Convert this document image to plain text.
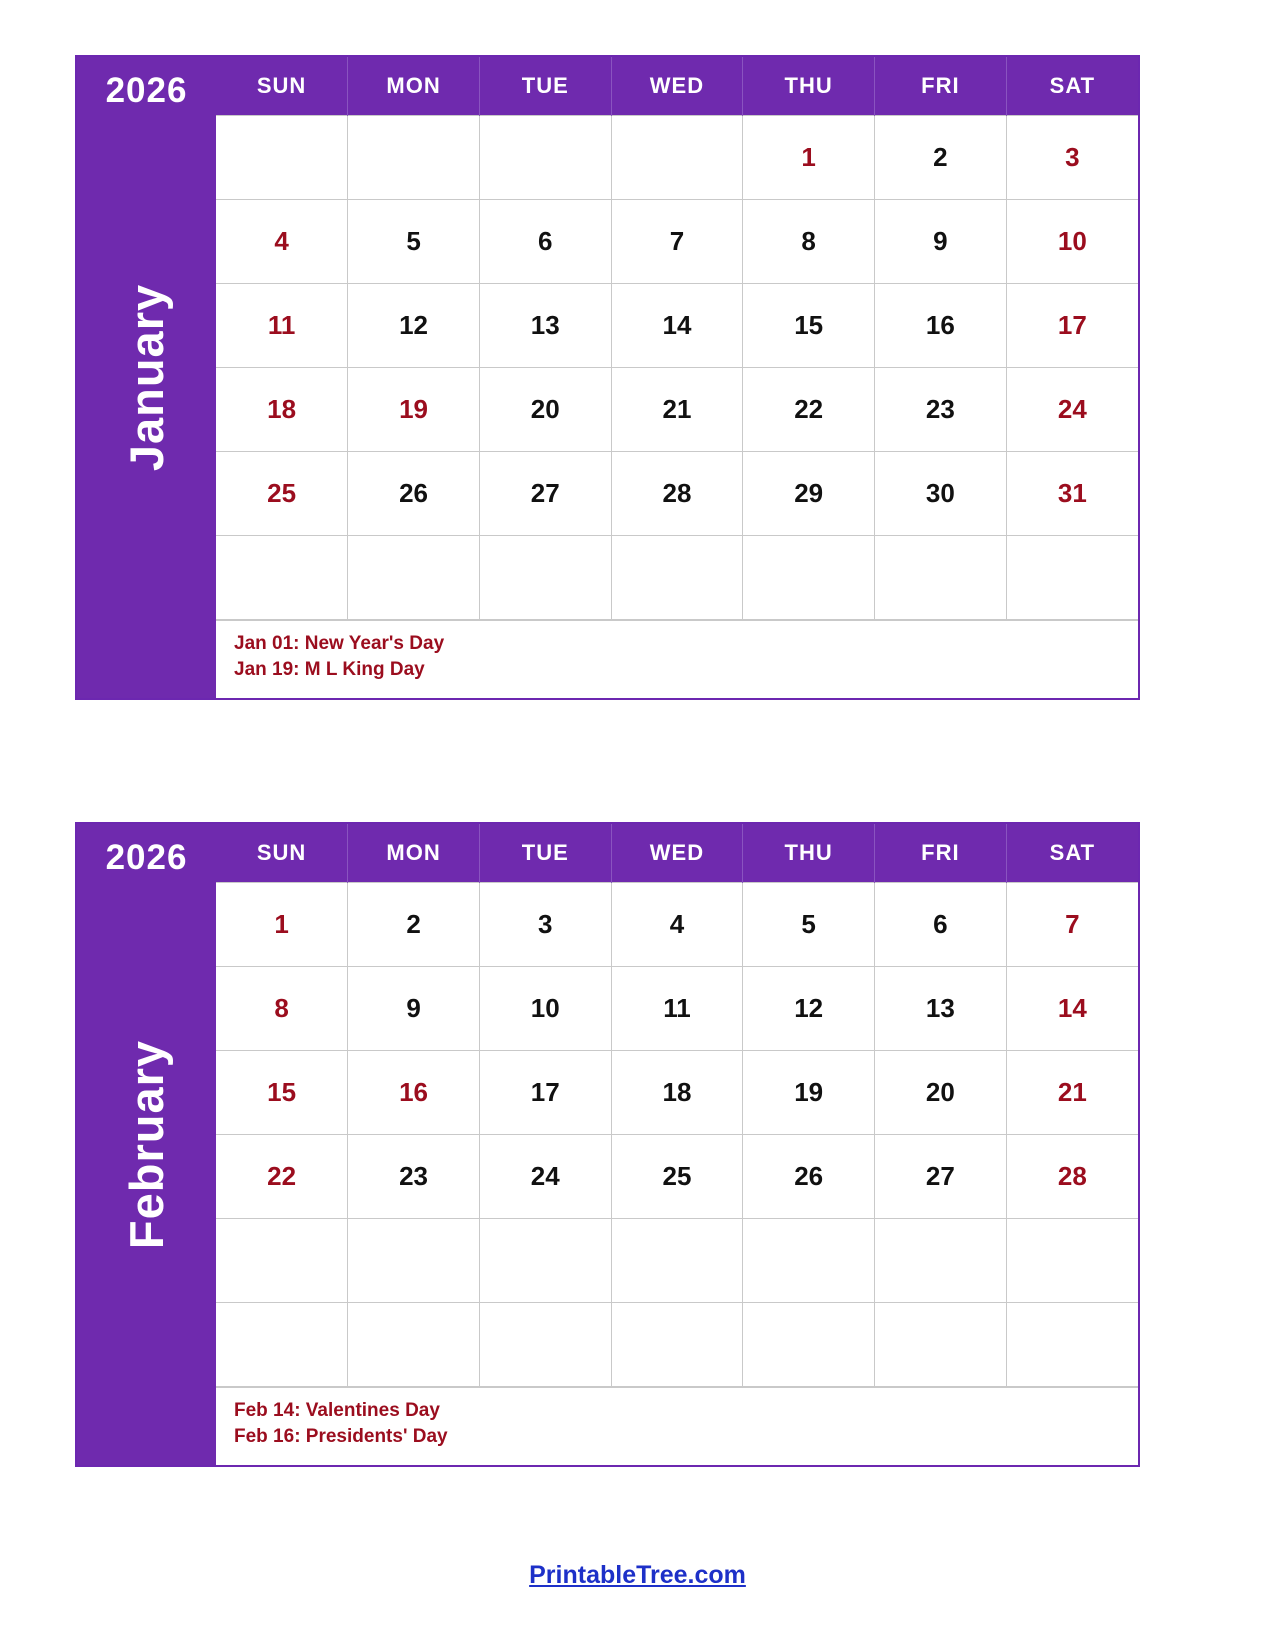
2026
January
SUN	MON	TUE	WED	THU	FRI	SAT
				1	2	3
4	5	6	7	8	9	10
11	12	13	14	15	16	17
18	19	20	21	22	23	24
25	26	27	28	29	30	31

Jan 01: New Year's Day
Jan 19: M L King Day
2026
February
SUN	MON	TUE	WED	THU	FRI	SAT
1	2	3	4	5	6	7
8	9	10	11	12	13	14
15	16	17	18	19	20	21
22	23	24	25	26	27	28

Feb 14: Valentines Day
Feb 16: Presidents' Day
PrintableTree.com
